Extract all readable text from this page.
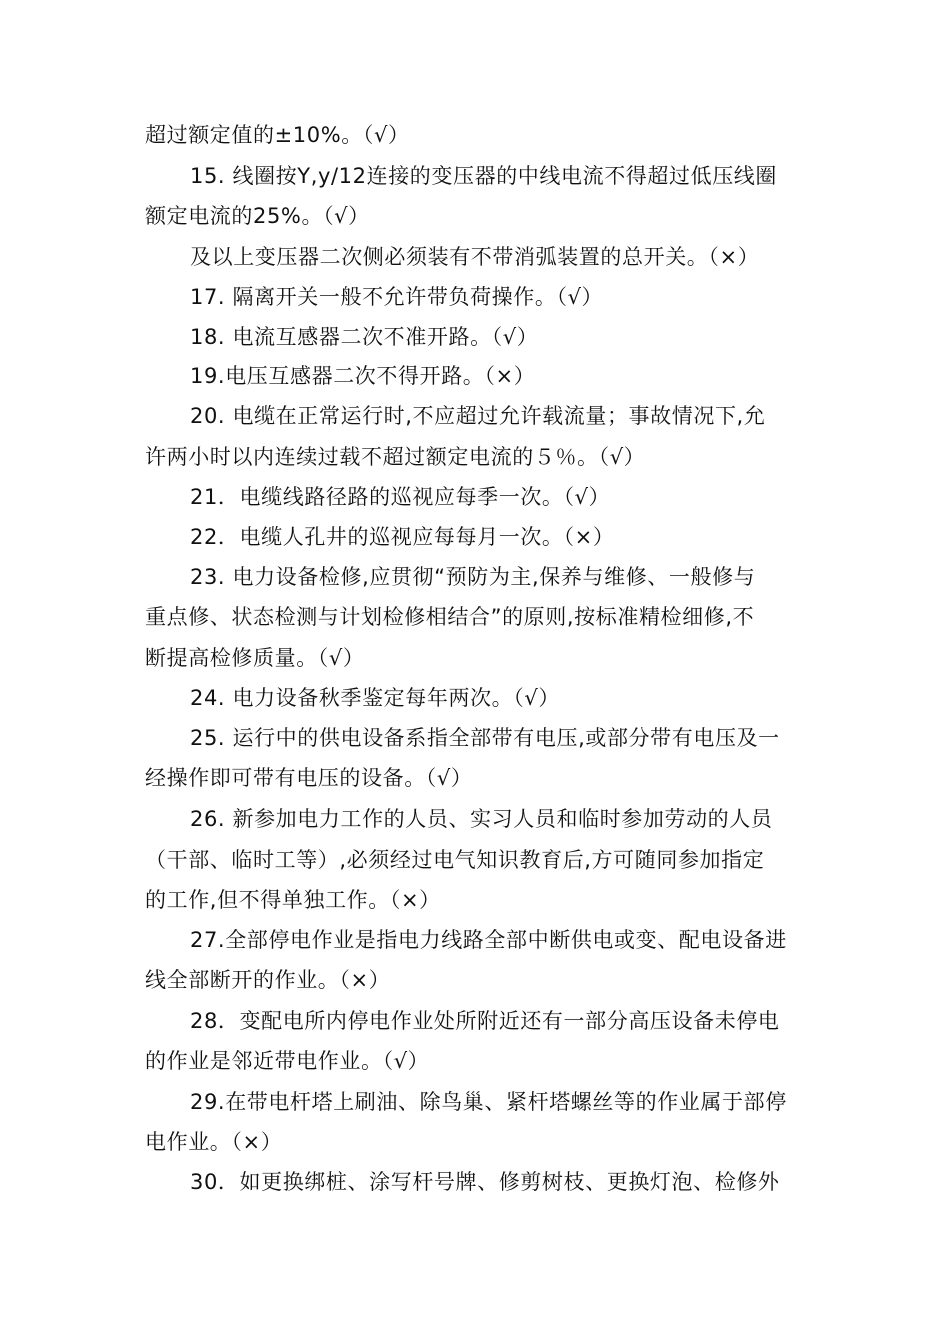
超过额定值的±10%。（√）
15. 线圈按Y,y/12连接的变压器的中线电流不得超过低压线圈
额定电流的25%。（√）
及以上变压器二次侧必须装有不带消弧装置的总开关。（×）
17. 隔离开关一般不允许带负荷操作。（√）
18. 电流互感器二次不准开路。（√）
19.电压互感器二次不得开路。（×）
20. 电缆在正常运行时,不应超过允许载流量；事故情况下,允
许两小时以内连续过载不超过额定电流的５％。（√）
21．电缆线路径路的巡视应每季一次。（√）
22．电缆人孔井的巡视应每每月一次。（×）
23. 电力设备检修,应贯彻“预防为主,保养与维修、一般修与
重点修、状态检测与计划检修相结合”的原则,按标准精检细修,不
断提高检修质量。（√）
24. 电力设备秋季鉴定每年两次。（√）
25. 运行中的供电设备系指全部带有电压,或部分带有电压及一
经操作即可带有电压的设备。（√）
26. 新参加电力工作的人员、实习人员和临时参加劳动的人员
（干部、临时工等）,必须经过电气知识教育后,方可随同参加指定
的工作,但不得单独工作。（×）
27.全部停电作业是指电力线路全部中断供电或变、配电设备进
线全部断开的作业。（×）
28．变配电所内停电作业处所附近还有一部分高压设备未停电
的作业是邻近带电作业。（√）
29.在带电杆塔上刷油、除鸟巢、紧杆塔螺丝等的作业属于部停
电作业。（×）
30．如更换绑桩、涂写杆号牌、修剪树枝、更换灯泡、检修外
